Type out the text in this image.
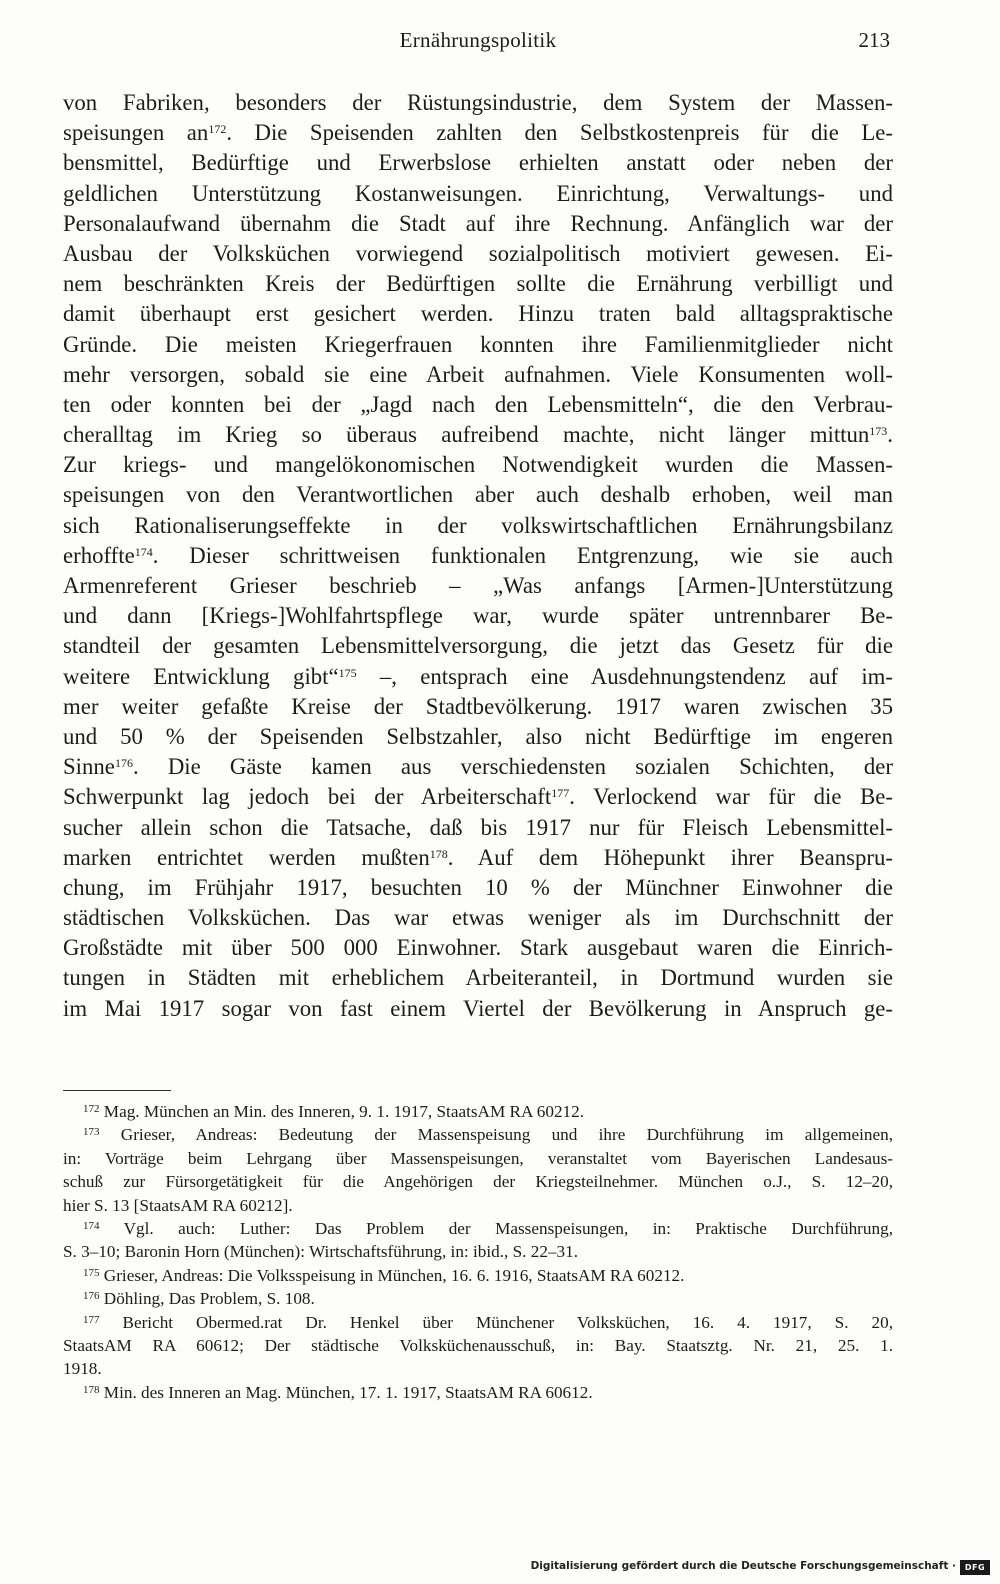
Ernährungspolitik	213
von Fabriken, besonders der Rüstungsindustrie, dem System der Massen-
speisungen $an^{172}$. Die Speisenden zahlten den Selbstkostenpreis für die Le-
bensmittel, Bedürftige und Erwerbslose erhielten anstatt oder neben der
geldlichen Unterstützung Kostanweisungen. Einrichtung, Verwaltungs- und
Personalaufwand übernahm die Stadt auf ihre Rechnung. Anfänglich war der
Ausbau der Volksküchen vorwiegend sozialpolitisch motiviert gewesen. Ei-
nem beschränkten Kreis der Bedürftigen sollte die Ernährung verbilligt und
damit überhaupt erst gesichert werden. Hinzu traten bald alltagspraktische
Gründe. Die meisten Kriegerfrauen konnten ihre Familienmitglieder nicht
mehr versorgen, sobald sie eine Arbeit aufnahmen. Viele Konsumenten woll-
ten oder konnten bei der „Jagd nach den Lebensmitteln“, die den Verbrau-
cheralltag im Krieg so überaus aufreibend machte, nicht länger mittun$^{173}$.
Zur kriegs- und mangelökonomischen Notwendigkeit wurden die Massen-
speisungen von den Verantwortlichen aber auch deshalb erhoben, weil man
sich Rationaliserungseffekte in der volkswirtschaftlichen Ernährungsbilanz
erhoffte$^{174}$. Dieser schrittweisen funktionalen Entgrenzung, wie sie auch
Armenreferent Grieser beschrieb – „Was anfangs [Armen-]Unterstützung
und dann [Kriegs-]Wohlfahrtspflege war, wurde später untrennbarer Be-
standteil der gesamten Lebensmittelversorgung, die jetzt das Gesetz für die
weitere Entwicklung gibt“$^{175}$ –, entsprach eine Ausdehnungstendenz auf im-
mer weiter gefaßte Kreise der Stadtbevölkerung. 1917 waren zwischen 35
und 50 % der Speisenden Selbstzahler, also nicht Bedürftige im engeren
Sinne$^{176}$. Die Gäste kamen aus verschiedensten sozialen Schichten, der
Schwerpunkt lag jedoch bei der Arbeiterschaft$^{177}$. Verlockend war für die Be-
sucher allein schon die Tatsache, daß bis 1917 nur für Fleisch Lebensmittel-
marken entrichtet werden mußten$^{178}$. Auf dem Höhepunkt ihrer Beanspru-
chung, im Frühjahr 1917, besuchten 10 % der Münchner Einwohner die
städtischen Volksküchen. Das war etwas weniger als im Durchschnitt der
Großstädte mit über 500 000 Einwohner. Stark ausgebaut waren die Einrich-
tungen in Städten mit erheblichem Arbeiteranteil, in Dortmund wurden sie
im Mai 1917 sogar von fast einem Viertel der Bevölkerung in Anspruch ge-
$^{172}$ Mag. München an Min. des Inneren, 9. 1. 1917, StaatsAM RA 60212.
$^{173}$ Grieser, Andreas: Bedeutung der Massenspeisung und ihre Durchführung im allgemeinen,
in: Vorträge beim Lehrgang über Massenspeisungen, veranstaltet vom Bayerischen Landesaus-
schuß zur Fürsorgetätigkeit für die Angehörigen der Kriegsteilnehmer. München o.J., S. 12–20,
hier S. 13 [StaatsAM RA 60212].
$^{174}$ Vgl. auch: Luther: Das Problem der Massenspeisungen, in: Praktische Durchführung,
S. 3–10; Baronin Horn (München): Wirtschaftsführung, in: ibid., S. 22–31.
$^{175}$ Grieser, Andreas: Die Volksspeisung in München, 16. 6. 1916, StaatsAM RA 60212.
$^{176}$ Döhling, Das Problem, S. 108.
$^{177}$ Bericht Obermed.rat Dr. Henkel über Münchener Volksküchen, 16. 4. 1917, S. 20,
StaatsAM RA 60612; Der städtische Volksküchenausschuß, in: Bay. Staatsztg. Nr. 21, 25. 1.
1918.
$^{178}$ Min. des Inneren an Mag. München, 17. 1. 1917, StaatsAM RA 60612.
Digitalisierung gefördert durch die Deutsche Forschungsgemeinschaft ·	DFG
